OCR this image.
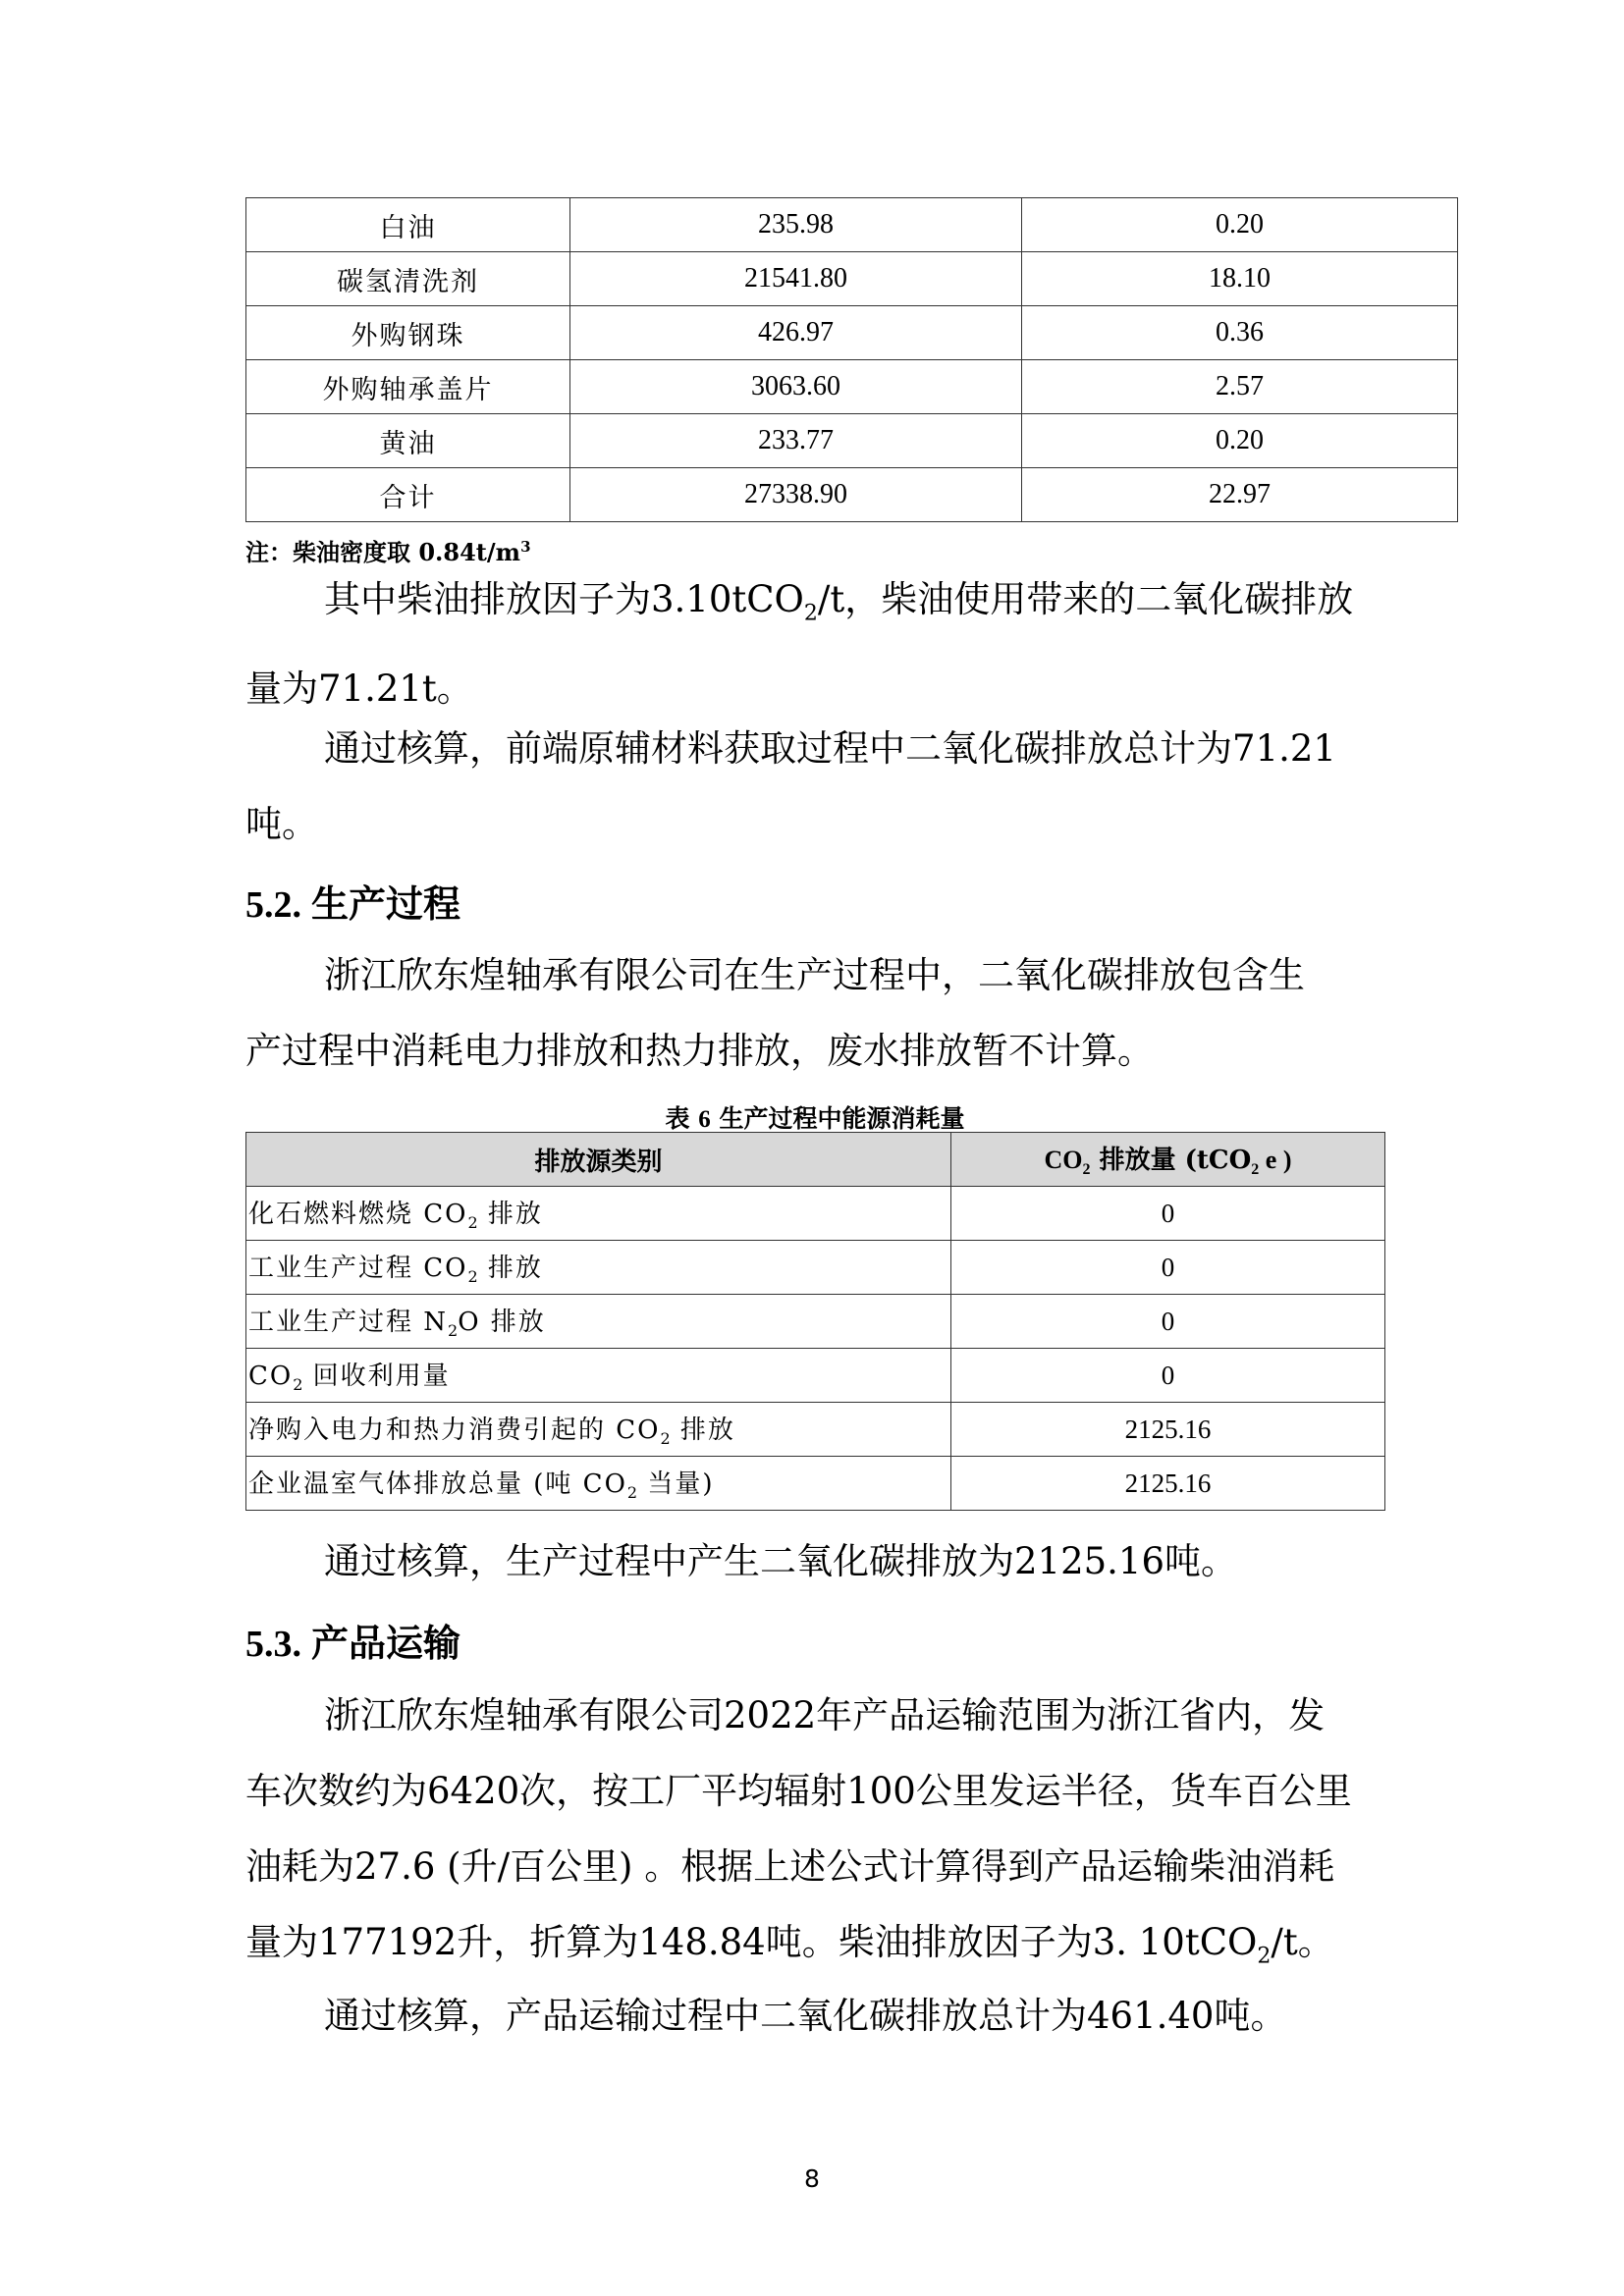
白油	235.98	0.20
碳氢清洗剂	21541.80	18.10
外购钢珠	426.97	0.36
外购轴承盖片	3063.60	2.57
黄油	233.77	0.20
合计	27338.90	22.97
注：柴油密度取 $0.84t/m^3$
其中柴油排放因子为3.10tCO$_2$/t，柴油使用带来的二氧化碳排放
量为71.21t。
通过核算，前端原辅材料获取过程中二氧化碳排放总计为71.21
吨。
5.2. 生产过程
浙江欣东煌轴承有限公司在生产过程中，二氧化碳排放包含生
产过程中消耗电力排放和热力排放，废水排放暂不计算。
表 6 生产过程中能源消耗量
排放源类别	$CO_2$ 排放量 (tCO$_2$ e )
化石燃料燃烧 $CO_2$ 排放	0
工业生产过程 $CO_2$ 排放	0
工业生产过程 $N_2O$ 排放	0
$CO_2$ 回收利用量	0
净购入电力和热力消费引起的 $CO_2$ 排放	2125.16
企业温室气体排放总量 (吨 $CO_2$ 当量)	2125.16
通过核算，生产过程中产生二氧化碳排放为2125.16吨。
5.3. 产品运输
浙江欣东煌轴承有限公司2022年产品运输范围为浙江省内，发
车次数约为6420次，按工厂平均辐射100公里发运半径，货车百公里
油耗为27.6 (升/百公里) 。根据上述公式计算得到产品运输柴油消耗
量为177192升，折算为148.84吨。柴油排放因子为3. 10tCO$_2$/t。
通过核算，产品运输过程中二氧化碳排放总计为461.40吨。
8
